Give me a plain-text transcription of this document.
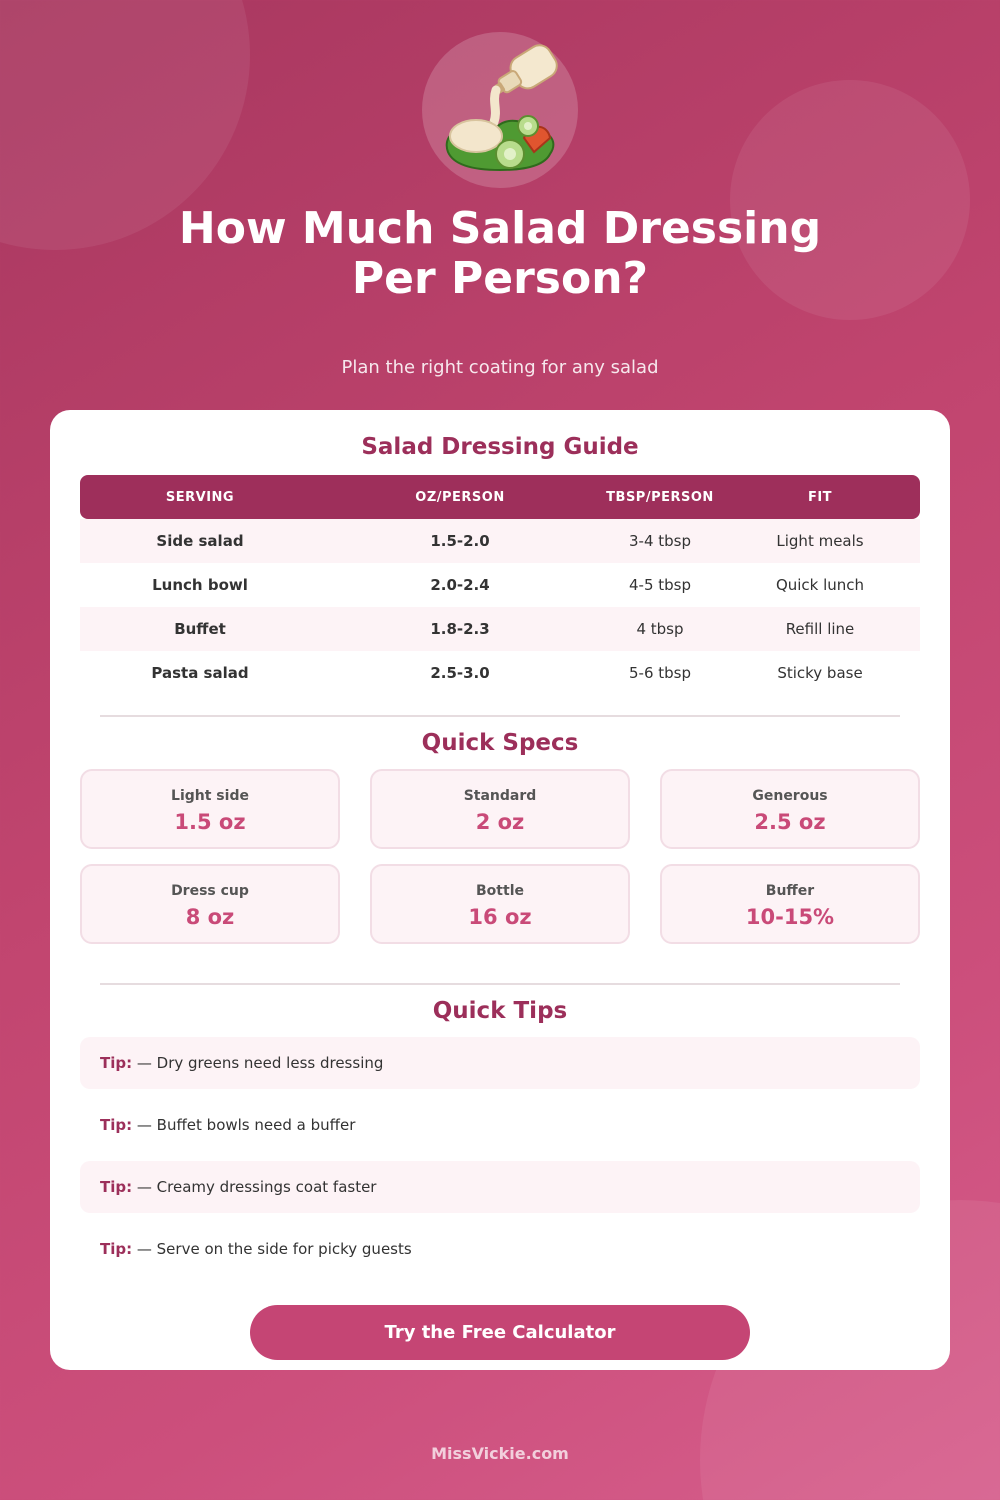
How Much Salad Dressing
Per Person?

Plan the right coating for any salad

Salad Dressing Guide
SERVING	OZ/PERSON	TBSP/PERSON	FIT
Side salad	1.5-2.0	3-4 tbsp	Light meals
Lunch bowl	2.0-2.4	4-5 tbsp	Quick lunch
Buffet	1.8-2.3	4 tbsp	Refill line
Pasta salad	2.5-3.0	5-6 tbsp	Sticky base
Quick Specs
Light side
1.5 oz
Standard
2 oz
Generous
2.5 oz
Dress cup
8 oz
Bottle
16 oz
Buffer
10-15%
Quick Tips
Tip: — Dry greens need less dressing
Tip: — Buffet bowls need a buffer
Tip: — Creamy dressings coat faster
Tip: — Serve on the side for picky guests
Try the Free Calculator
MissVickie.com
